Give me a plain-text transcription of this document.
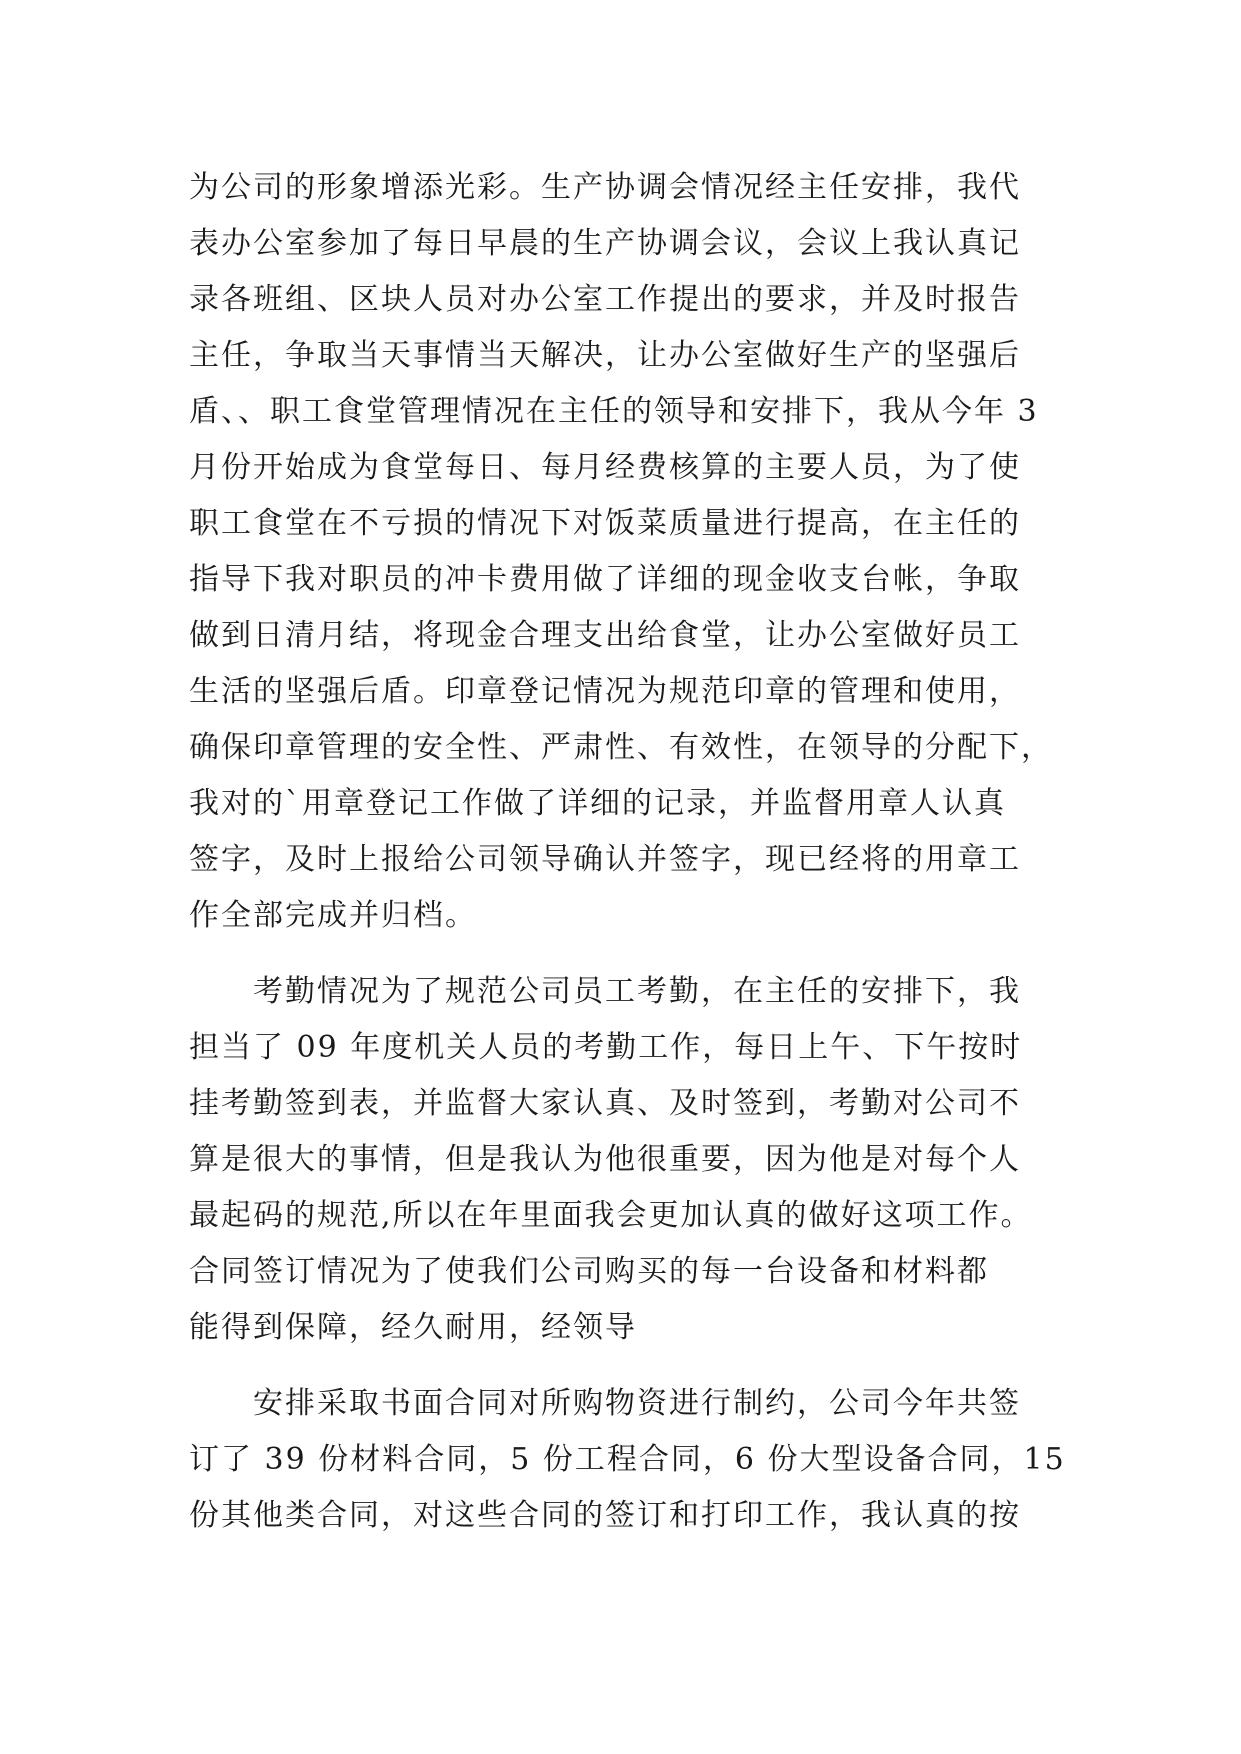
为公司的形象增添光彩。生产协调会情况经主任安排，我代
表办公室参加了每日早晨的生产协调会议，会议上我认真记
录各班组、区块人员对办公室工作提出的要求，并及时报告
主任，争取当天事情当天解决，让办公室做好生产的坚强后
盾、、职工食堂管理情况在主任的领导和安排下，我从今年 3
月份开始成为食堂每日、每月经费核算的主要人员，为了使
职工食堂在不亏损的情况下对饭菜质量进行提高，在主任的
指导下我对职员的冲卡费用做了详细的现金收支台帐，争取
做到日清月结，将现金合理支出给食堂，让办公室做好员工
生活的坚强后盾。印章登记情况为规范印章的管理和使用，
确保印章管理的安全性、严肃性、有效性，在领导的分配下，
我对的`用章登记工作做了详细的记录，并监督用章人认真
签字，及时上报给公司领导确认并签字，现已经将的用章工
作全部完成并归档。
　　考勤情况为了规范公司员工考勤，在主任的安排下，我
担当了 09 年度机关人员的考勤工作，每日上午、下午按时
挂考勤签到表，并监督大家认真、及时签到，考勤对公司不
算是很大的事情，但是我认为他很重要，因为他是对每个人
最起码的规范,所以在年里面我会更加认真的做好这项工作。
合同签订情况为了使我们公司购买的每一台设备和材料都
能得到保障，经久耐用，经领导
　　安排采取书面合同对所购物资进行制约，公司今年共签
订了 39 份材料合同，5 份工程合同，6 份大型设备合同，15
份其他类合同，对这些合同的签订和打印工作，我认真的按
